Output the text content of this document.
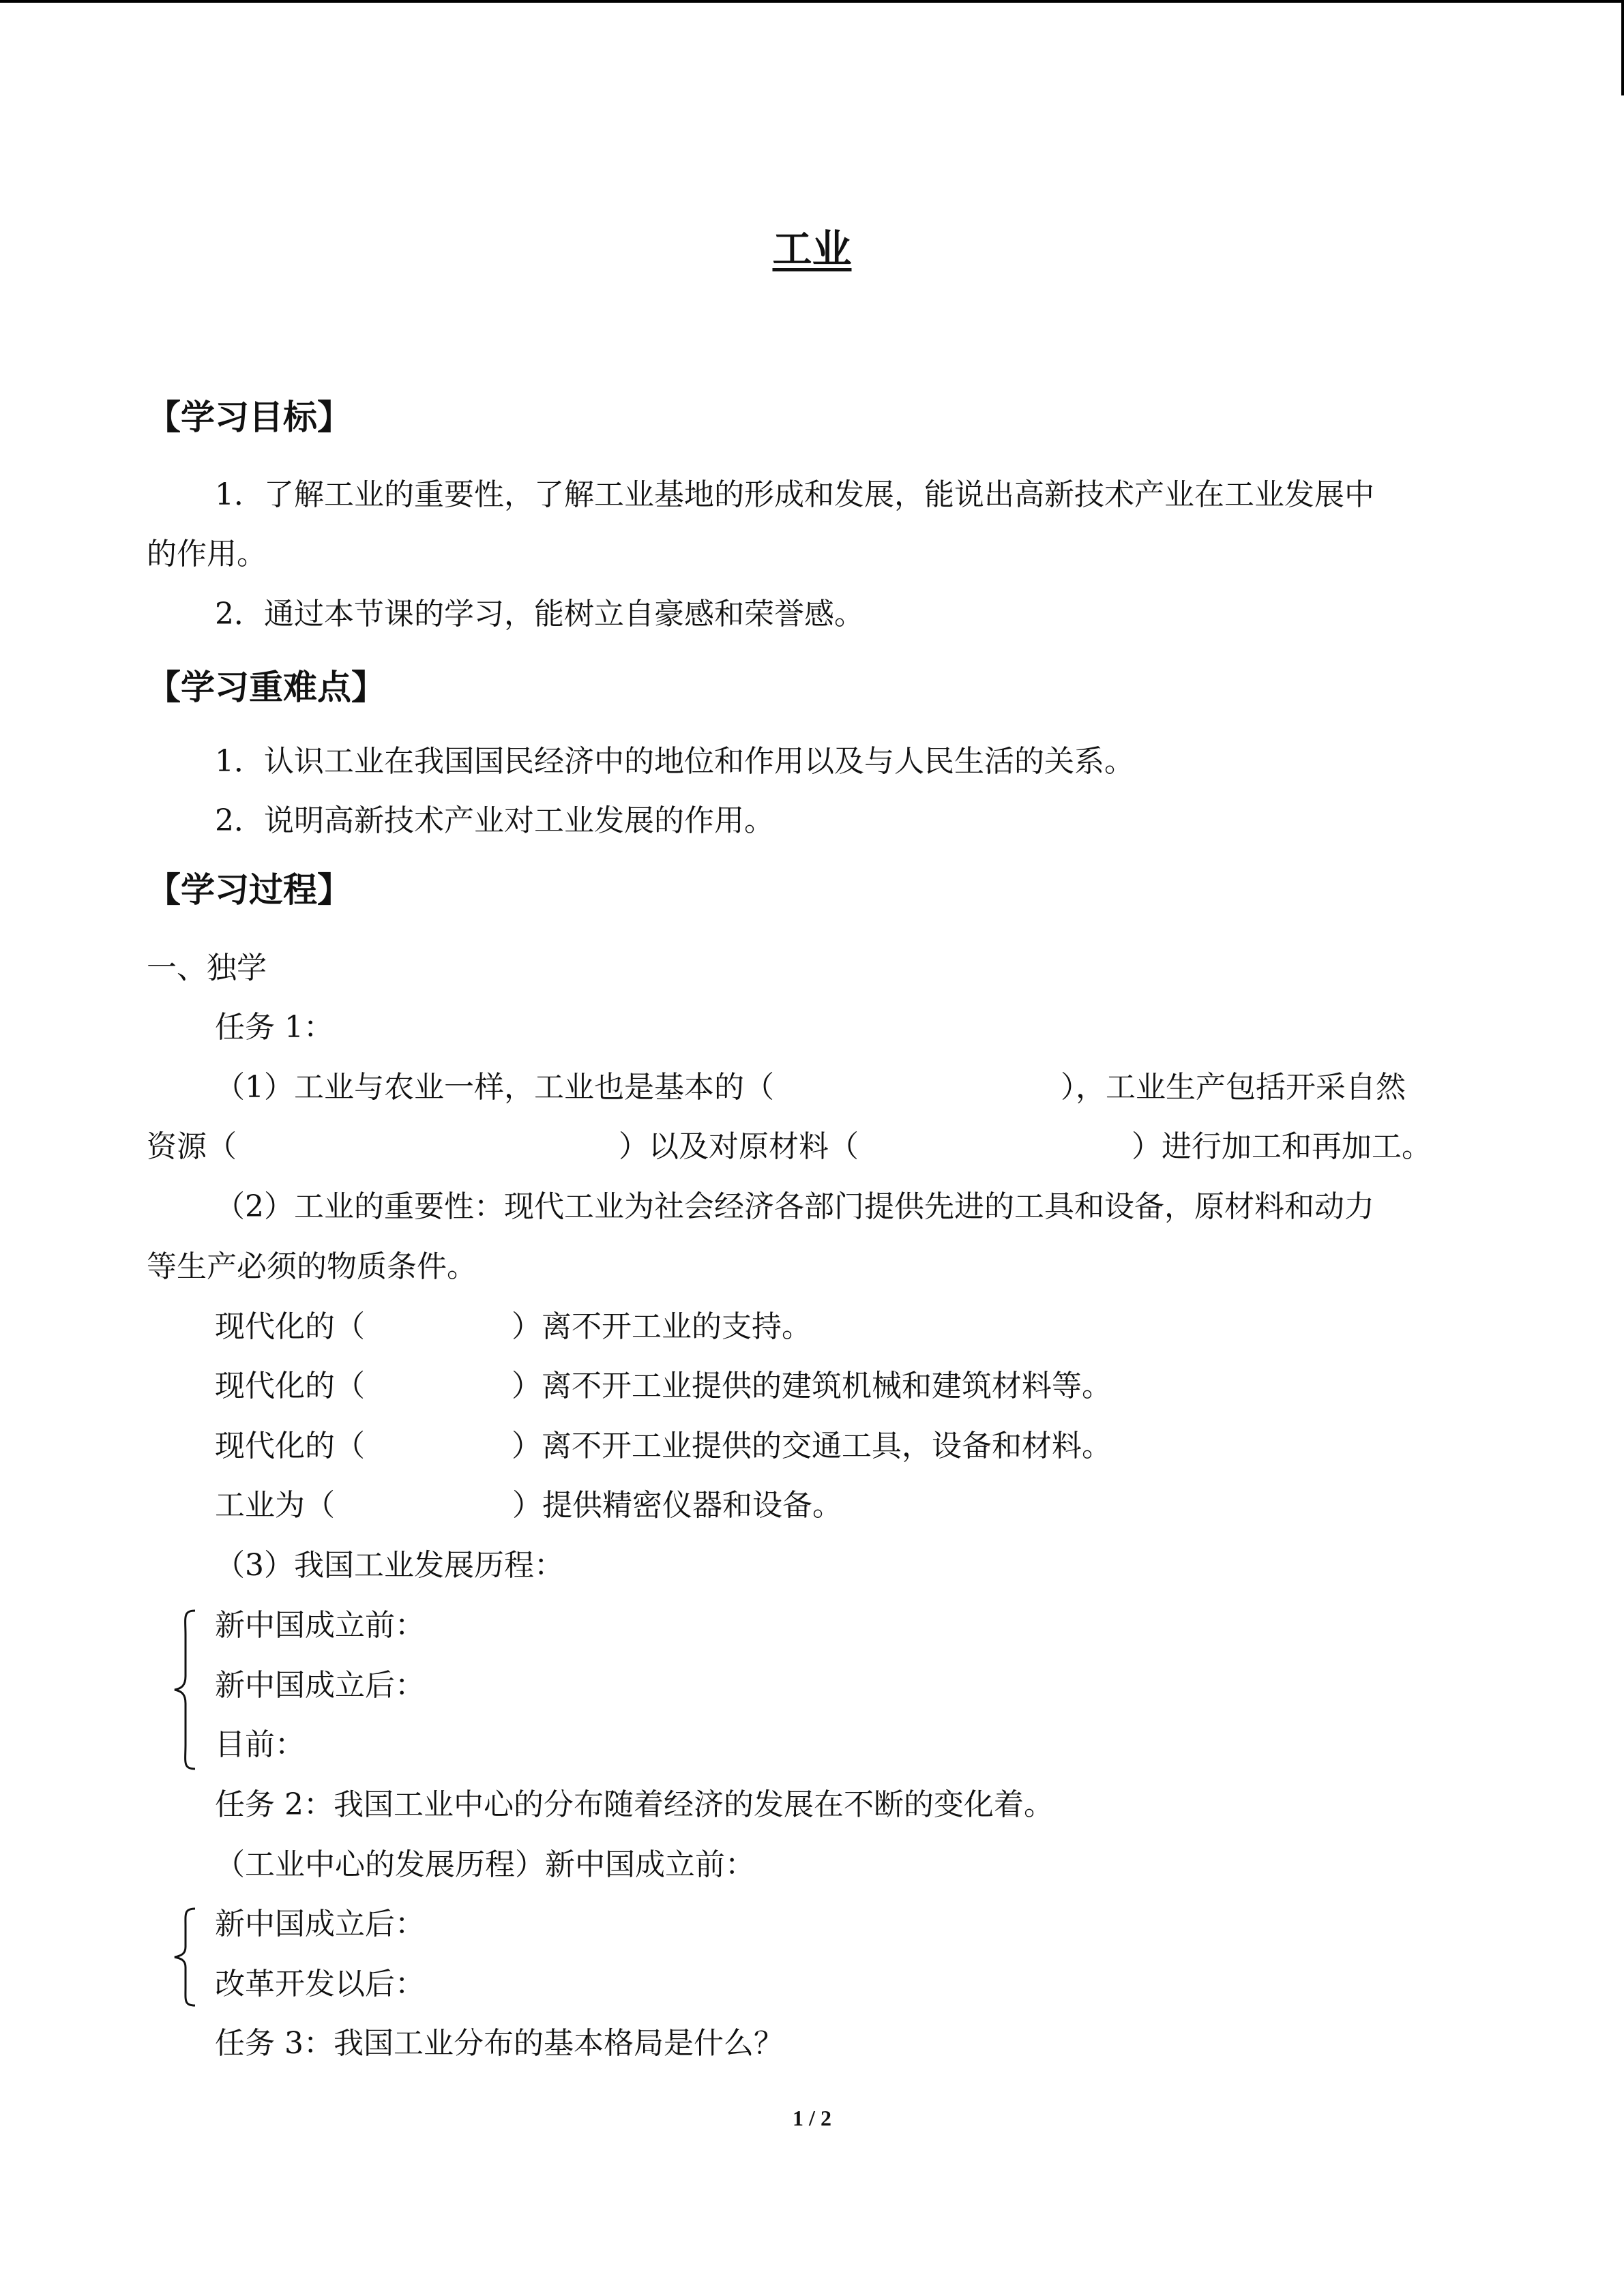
工业
【学习目标】
1．了解工业的重要性，了解工业基地的形成和发展，能说出高新技术产业在工业发展中
的作用。
2．通过本节课的学习，能树立自豪感和荣誉感。
【学习重难点】
1．认识工业在我国国民经济中的地位和作用以及与人民生活的关系。
2．说明高新技术产业对工业发展的作用。
【学习过程】
一、独学
任务 1：
（1）工业与农业一样，工业也是基本的（	），工业生产包括开采自然
资源（	）以及对原材料（	）进行加工和再加工。
（2）工业的重要性：现代工业为社会经济各部门提供先进的工具和设备，原材料和动力
等生产必须的物质条件。
现代化的（	）离不开工业的支持。
现代化的（	）离不开工业提供的建筑机械和建筑材料等。
现代化的（	）离不开工业提供的交通工具，设备和材料。
工业为（	）提供精密仪器和设备。
（3）我国工业发展历程：
新中国成立前：
新中国成立后：
目前：
任务 2：我国工业中心的分布随着经济的发展在不断的变化着。
（工业中心的发展历程）新中国成立前：
新中国成立后：
改革开发以后：
任务 3：我国工业分布的基本格局是什么？
1 / 2
